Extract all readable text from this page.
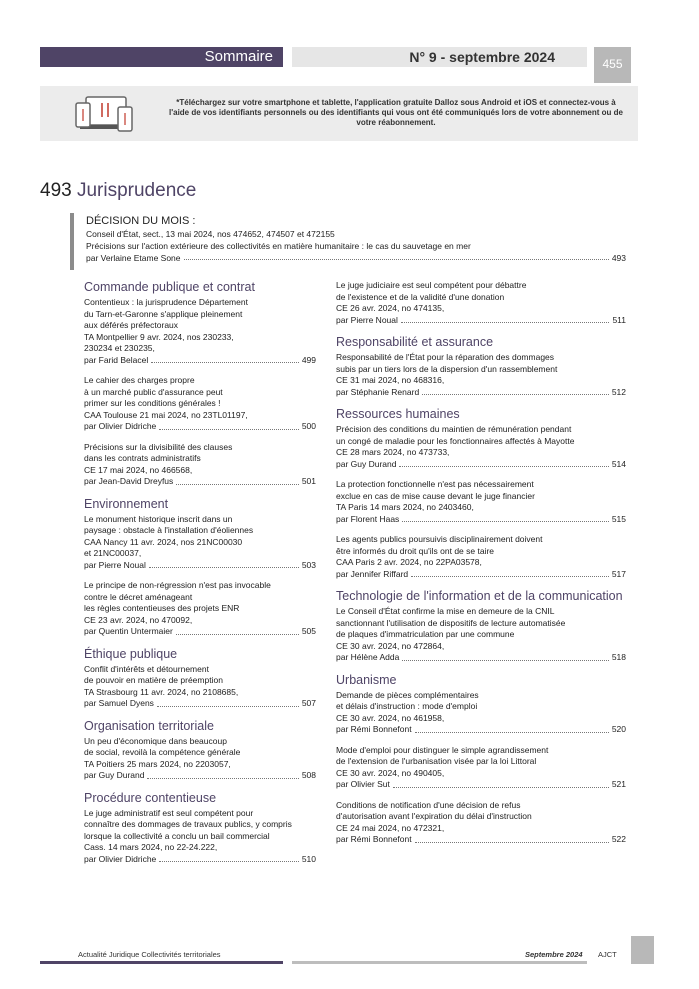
Sommaire	N° 9 - septembre 2024	455
*Téléchargez sur votre smartphone et tablette, l'application gratuite Dalloz sous Android et iOS et connectez-vous à l'aide de vos identifiants personnels ou des identifiants qui vous ont été communiqués lors de votre abonnement ou de votre réabonnement.
493 Jurisprudence
DÉCISION DU MOIS :
Conseil d'État, sect., 13 mai 2024, nos 474652, 474507 et 472155
Précisions sur l'action extérieure des collectivités en matière humanitaire : le cas du sauvetage en mer
par Verlaine Etame Sone	493
Commande publique et contrat
Contentieux : la jurisprudence Département
du Tarn-et-Garonne s'applique pleinement
aux déférés préfectoraux
TA Montpellier 9 avr. 2024, nos 230233,
230234 et 230235,
par Farid Belacel	499
Le cahier des charges propre
à un marché public d'assurance peut
primer sur les conditions générales !
CAA Toulouse 21 mai 2024, no 23TL01197,
par Olivier Didriche	500
Précisions sur la divisibilité des clauses
dans les contrats administratifs
CE 17 mai 2024, no 466568,
par Jean-David Dreyfus	501
Environnement
Le monument historique inscrit dans un
paysage : obstacle à l'installation d'éoliennes
CAA Nancy 11 avr. 2024, nos 21NC00030
et 21NC00037,
par Pierre Noual	503
Le principe de non-régression n'est pas invocable
contre le décret aménageant
les règles contentieuses des projets ENR
CE 23 avr. 2024, no 470092,
par Quentin Untermaier	505
Éthique publique
Conflit d'intérêts et détournement
de pouvoir en matière de préemption
TA Strasbourg 11 avr. 2024, no 2108685,
par Samuel Dyens	507
Organisation territoriale
Un peu d'économique dans beaucoup
de social, revoilà la compétence générale
TA Poitiers 25 mars 2024, no 2203057,
par Guy Durand	508
Procédure contentieuse
Le juge administratif est seul compétent pour
connaître des dommages de travaux publics, y compris
lorsque la collectivité a conclu un bail commercial
Cass. 14 mars 2024, no 22-24.222,
par Olivier Didriche	510
Le juge judiciaire est seul compétent pour débattre
de l'existence et de la validité d'une donation
CE 26 avr. 2024, no 474135,
par Pierre Noual	511
Responsabilité et assurance
Responsabilité de l'État pour la réparation des dommages
subis par un tiers lors de la dispersion d'un rassemblement
CE 31 mai 2024, no 468316,
par Stéphanie Renard	512
Ressources humaines
Précision des conditions du maintien de rémunération pendant
un congé de maladie pour les fonctionnaires affectés à Mayotte
CE 28 mars 2024, no 473733,
par Guy Durand	514
La protection fonctionnelle n'est pas nécessairement
exclue en cas de mise cause devant le juge financier
TA Paris 14 mars 2024, no 2403460,
par Florent Haas	515
Les agents publics poursuivis disciplinairement doivent
être informés du droit qu'ils ont de se taire
CAA Paris 2 avr. 2024, no 22PA03578,
par Jennifer Riffard	517
Technologie de l'information et de la communication
Le Conseil d'État confirme la mise en demeure de la CNIL
sanctionnant l'utilisation de dispositifs de lecture automatisée
de plaques d'immatriculation par une commune
CE 30 avr. 2024, no 472864,
par Hélène Adda	518
Urbanisme
Demande de pièces complémentaires
et délais d'instruction : mode d'emploi
CE 30 avr. 2024, no 461958,
par Rémi Bonnefont	520
Mode d'emploi pour distinguer le simple agrandissement
de l'extension de l'urbanisation visée par la loi Littoral
CE 30 avr. 2024, no 490405,
par Olivier Sut	521
Conditions de notification d'une décision de refus
d'autorisation avant l'expiration du délai d'instruction
CE 24 mai 2024, no 472321,
par Rémi Bonnefont	522
Actualité Juridique Collectivités territoriales	Septembre 2024 AJCT
